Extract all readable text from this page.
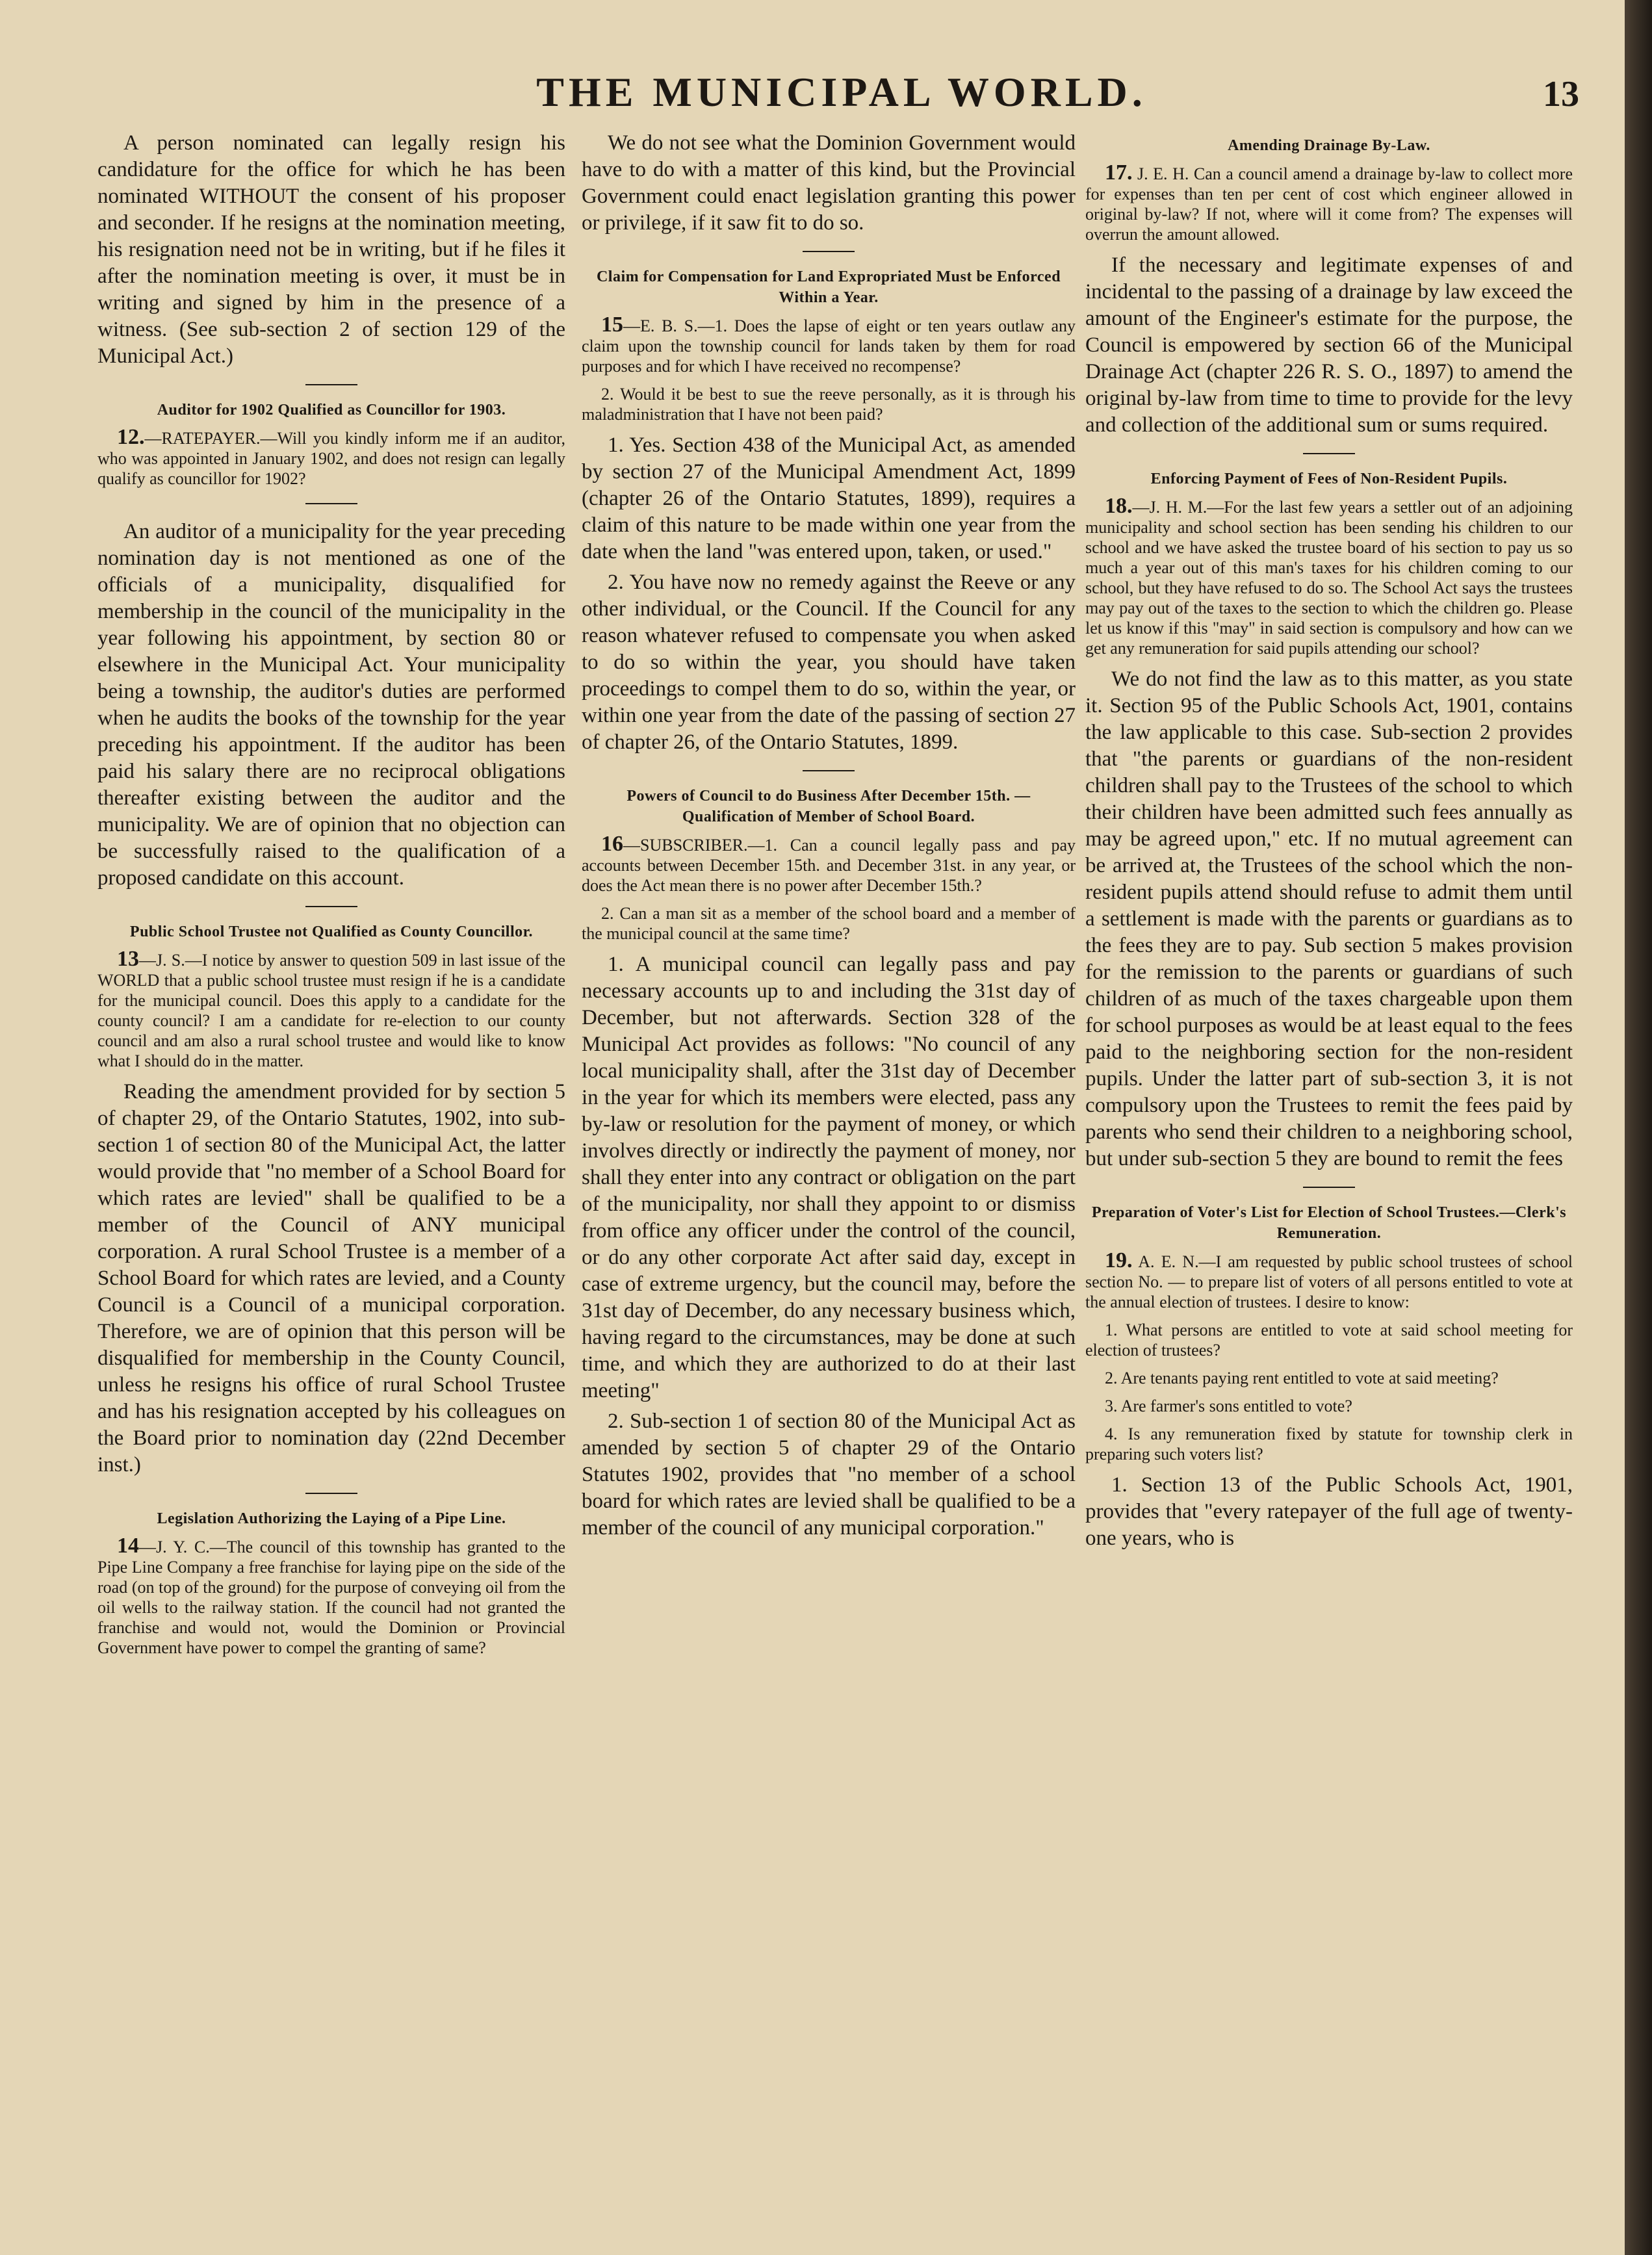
THE MUNICIPAL WORLD.	13

A person nominated can legally resign his candidature for the office for which he has been nominated WITHOUT the consent of his proposer and seconder. If he resigns at the nomination meeting, his resignation need not be in writing, but if he files it after the nomination meeting is over, it must be in writing and signed by him in the presence of a witness. (See sub-section 2 of section 129 of the Municipal Act.)

Auditor for 1902 Qualified as Councillor for 1903.

12.—RATEPAYER.—Will you kindly inform me if an auditor, who was appointed in January 1902, and does not resign can legally qualify as councillor for 1902?

An auditor of a municipality for the year preceding nomination day is not mentioned as one of the officials of a municipality, disqualified for membership in the council of the municipality in the year following his appointment, by section 80 or elsewhere in the Municipal Act. Your municipality being a township, the auditor's duties are performed when he audits the books of the township for the year preceding his appointment. If the auditor has been paid his salary there are no reciprocal obligations thereafter existing between the auditor and the municipality. We are of opinion that no objection can be successfully raised to the qualification of a proposed candidate on this account.

Public School Trustee not Qualified as County Councillor.

13—J. S.—I notice by answer to question 509 in last issue of the WORLD that a public school trustee must resign if he is a candidate for the municipal council. Does this apply to a candidate for the county council? I am a candidate for re-election to our county council and am also a rural school trustee and would like to know what I should do in the matter.

Reading the amendment provided for by section 5 of chapter 29, of the Ontario Statutes, 1902, into sub-section 1 of section 80 of the Municipal Act, the latter would provide that "no member of a School Board for which rates are levied" shall be qualified to be a member of the Council of ANY municipal corporation. A rural School Trustee is a member of a School Board for which rates are levied, and a County Council is a Council of a municipal corporation. Therefore, we are of opinion that this person will be disqualified for membership in the County Council, unless he resigns his office of rural School Trustee and has his resignation accepted by his colleagues on the Board prior to nomination day (22nd December inst.)

Legislation Authorizing the Laying of a Pipe Line.

14—J. Y. C.—The council of this township has granted to the Pipe Line Company a free franchise for laying pipe on the side of the road (on top of the ground) for the purpose of conveying oil from the oil wells to the railway station. If the council had not granted the franchise and would not, would the Dominion or Provincial Government have power to compel the granting of same?

We do not see what the Dominion Government would have to do with a matter of this kind, but the Provincial Government could enact legislation granting this power or privilege, if it saw fit to do so.

Claim for Compensation for Land Expropriated Must be Enforced Within a Year.

15—E. B. S.—1. Does the lapse of eight or ten years outlaw any claim upon the township council for lands taken by them for road purposes and for which I have received no recompense?

2. Would it be best to sue the reeve personally, as it is through his maladministration that I have not been paid?

1. Yes. Section 438 of the Municipal Act, as amended by section 27 of the Municipal Amendment Act, 1899 (chapter 26 of the Ontario Statutes, 1899), requires a claim of this nature to be made within one year from the date when the land "was entered upon, taken, or used."

2. You have now no remedy against the Reeve or any other individual, or the Council. If the Council for any reason whatever refused to compensate you when asked to do so within the year, you should have taken proceedings to compel them to do so, within the year, or within one year from the date of the passing of section 27 of chapter 26, of the Ontario Statutes, 1899.

Powers of Council to do Business After December 15th. —Qualification of Member of School Board.

16—SUBSCRIBER.—1. Can a council legally pass and pay accounts between December 15th. and December 31st. in any year, or does the Act mean there is no power after December 15th.?

2. Can a man sit as a member of the school board and a member of the municipal council at the same time?

1. A municipal council can legally pass and pay necessary accounts up to and including the 31st day of December, but not afterwards. Section 328 of the Municipal Act provides as follows: "No council of any local municipality shall, after the 31st day of December in the year for which its members were elected, pass any by-law or resolution for the payment of money, or which involves directly or indirectly the payment of money, nor shall they enter into any contract or obligation on the part of the municipality, nor shall they appoint to or dismiss from office any officer under the control of the council, or do any other corporate Act after said day, except in case of extreme urgency, but the council may, before the 31st day of December, do any necessary business which, having regard to the circumstances, may be done at such time, and which they are authorized to do at their last meeting"

2. Sub-section 1 of section 80 of the Municipal Act as amended by section 5 of chapter 29 of the Ontario Statutes 1902, provides that "no member of a school board for which rates are levied shall be qualified to be a member of the council of any municipal corporation."

Amending Drainage By-Law.

17. J. E. H. Can a council amend a drainage by-law to collect more for expenses than ten per cent of cost which engineer allowed in original by-law? If not, where will it come from? The expenses will overrun the amount allowed.

If the necessary and legitimate expenses of and incidental to the passing of a drainage by law exceed the amount of the Engineer's estimate for the purpose, the Council is empowered by section 66 of the Municipal Drainage Act (chapter 226 R. S. O., 1897) to amend the original by-law from time to time to provide for the levy and collection of the additional sum or sums required.

Enforcing Payment of Fees of Non-Resident Pupils.

18.—J. H. M.—For the last few years a settler out of an adjoining municipality and school section has been sending his children to our school and we have asked the trustee board of his section to pay us so much a year out of this man's taxes for his children coming to our school, but they have refused to do so. The School Act says the trustees may pay out of the taxes to the section to which the children go. Please let us know if this "may" in said section is compulsory and how can we get any remuneration for said pupils attending our school?

We do not find the law as to this matter, as you state it. Section 95 of the Public Schools Act, 1901, contains the law applicable to this case. Sub-section 2 provides that "the parents or guardians of the non-resident children shall pay to the Trustees of the school to which their children have been admitted such fees annually as may be agreed upon," etc. If no mutual agreement can be arrived at, the Trustees of the school which the non-resident pupils attend should refuse to admit them until a settlement is made with the parents or guardians as to the fees they are to pay. Sub section 5 makes provision for the remission to the parents or guardians of such children of as much of the taxes chargeable upon them for school purposes as would be at least equal to the fees paid to the neighboring section for the non-resident pupils. Under the latter part of sub-section 3, it is not compulsory upon the Trustees to remit the fees paid by parents who send their children to a neighboring school, but under sub-section 5 they are bound to remit the fees

Preparation of Voter's List for Election of School Trustees.—Clerk's Remuneration.

19. A. E. N.—I am requested by public school trustees of school section No. — to prepare list of voters of all persons entitled to vote at the annual election of trustees. I desire to know:

1. What persons are entitled to vote at said school meeting for election of trustees?

2. Are tenants paying rent entitled to vote at said meeting?

3. Are farmer's sons entitled to vote?

4. Is any remuneration fixed by statute for township clerk in preparing such voters list?

1. Section 13 of the Public Schools Act, 1901, provides that "every ratepayer of the full age of twenty-one years, who is
